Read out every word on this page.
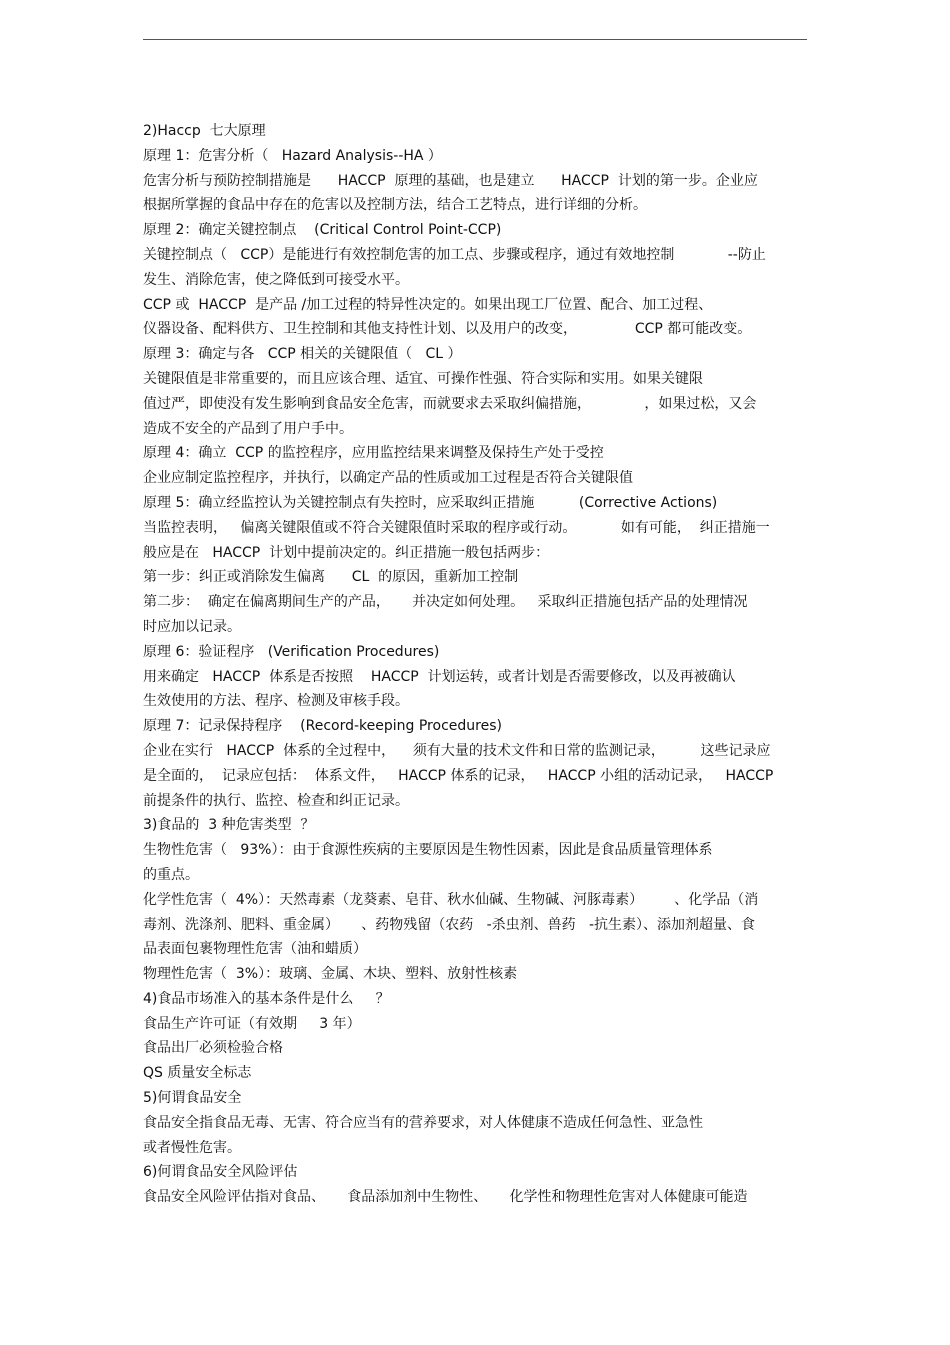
2)Hacсp  七大原理
原理 1：危害分析（   Hazard Analysis--HA ）
危害分析与预防控制措施是      HACCP  原理的基础，也是建立      HACCP  计划的第一步。企业应
根据所掌握的食品中存在的危害以及控制方法，结合工艺特点，进行详细的分析。
原理 2：确定关键控制点    (Critical Control Point-CCP)
关键控制点（   CCP）是能进行有效控制危害的加工点、步骤或程序，通过有效地控制            --防止
发生、消除危害，使之降低到可接受水平。
CCP 或  HACCP  是产品 /加工过程的特异性决定的。如果出现工厂位置、配合、加工过程、
仪器设备、配料供方、卫生控制和其他支持性计划、以及用户的改变，             CCP 都可能改变。
原理 3：确定与各   CCP 相关的关键限值（   CL ）
关键限值是非常重要的，而且应该合理、适宜、可操作性强、符合实际和实用。如果关键限
值过严，即使没有发生影响到食品安全危害，而就要求去采取纠偏措施，            ，如果过松，又会
造成不安全的产品到了用户手中。
原理 4：确立  CCP 的监控程序，应用监控结果来调整及保持生产处于受控
企业应制定监控程序，并执行，以确定产品的性质或加工过程是否符合关键限值
原理 5：确立经监控认为关键控制点有失控时，应采取纠正措施          (Corrective Actions)
当监控表明，   偏离关键限值或不符合关键限值时采取的程序或行动。          如有可能，  纠正措施一
般应是在   HACCP  计划中提前决定的。纠正措施一般包括两步：
第一步：纠正或消除发生偏离      CL  的原因，重新加工控制
第二步：  确定在偏离期间生产的产品，     并决定如何处理。   采取纠正措施包括产品的处理情况
时应加以记录。
原理 6：验证程序   (Verification Procedures)
用来确定   HACCP  体系是否按照    HACCP  计划运转，或者计划是否需要修改，以及再被确认
生效使用的方法、程序、检测及审核手段。
原理 7：记录保持程序    (Record-keeping Procedures)
企业在实行   HACCP  体系的全过程中，    须有大量的技术文件和日常的监测记录，        这些记录应
是全面的，  记录应包括：  体系文件，   HACCP 体系的记录，   HACCP 小组的活动记录，   HACCP
前提条件的执行、监控、检查和纠正记录。
3)食品的  3 种危害类型  ？
生物性危害（   93%）：由于食源性疾病的主要原因是生物性因素，因此是食品质量管理体系
的重点。
化学性危害（  4%）：天然毒素（龙葵素、皂苷、秋水仙碱、生物碱、河豚毒素）       、化学品（消
毒剂、洗涤剂、肥料、重金属）     、药物残留（农药   -杀虫剂、兽药   -抗生素）、添加剂超量、食
品表面包裹物理性危害（油和蜡质）
物理性危害（  3%）：玻璃、金属、木块、塑料、放射性核素
4)食品市场准入的基本条件是什么     ？
食品生产许可证（有效期     3 年）
食品出厂必须检验合格
QS 质量安全标志
5)何谓食品安全
食品安全指食品无毒、无害、符合应当有的营养要求，对人体健康不造成任何急性、亚急性
或者慢性危害。
6)何谓食品安全风险评估
食品安全风险评估指对食品、     食品添加剂中生物性、     化学性和物理性危害对人体健康可能造
